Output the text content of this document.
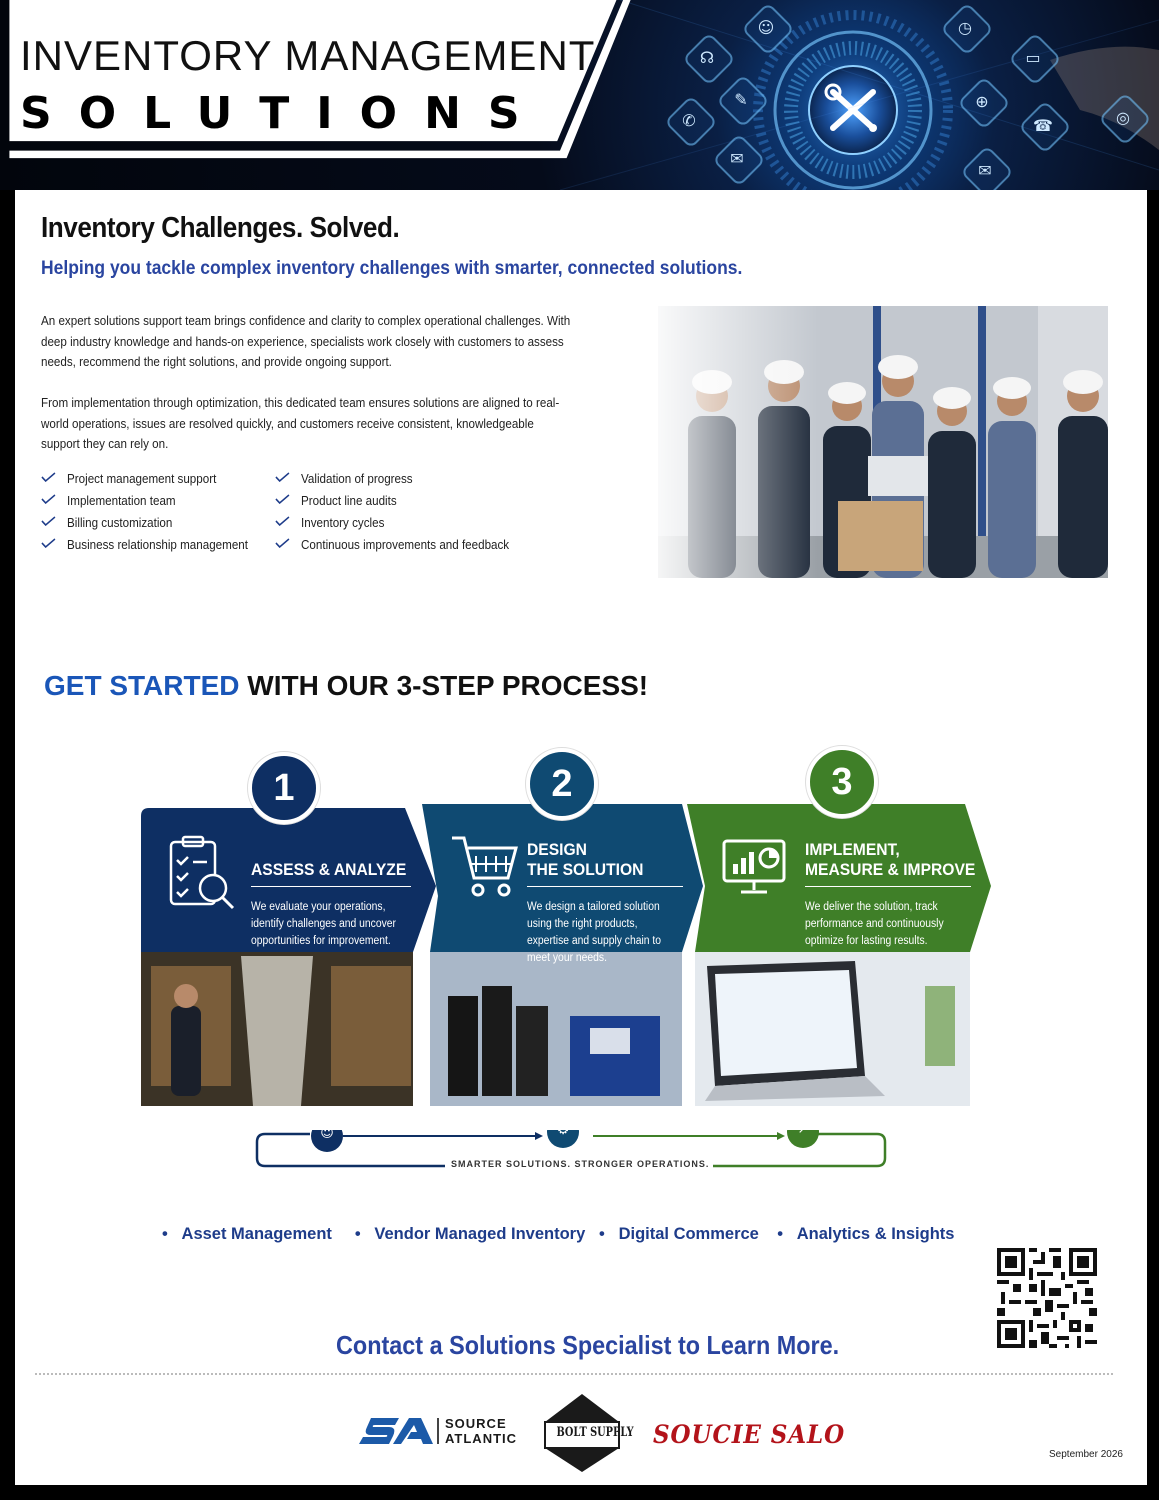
✆
☊
✉
✎
☺	◷
⊕
☎
✉
▭
◎
INVENTORY MANAGEMENT
SOLUTIONS
Inventory Challenges. Solved.
Helping you tackle complex inventory challenges with smarter, connected solutions.
An expert solutions support team brings confidence and clarity to complex operational challenges. With deep industry knowledge and hands-on experience, specialists work closely with customers to assess needs, recommend the right solutions, and provide ongoing support.
From implementation through optimization, this dedicated team ensures solutions are aligned to real-world operations, issues are resolved quickly, and customers receive consistent, knowledgeable support they can rely on.
Project management support
Implementation team
Billing customization
Business relationship management
Validation of progress
Product line audits
Inventory cycles
Continuous improvements and feedback
GET STARTED WITH OUR 3-STEP PROCESS!
1
ASSESS & ANALYZE
We evaluate your operations, identify challenges and uncover opportunities for improvement.
2
DESIGN
THE SOLUTION
We design a tailored solution using the right products, expertise and supply chain to meet your needs.
3
IMPLEMENT,
MEASURE & IMPROVE
We deliver the solution, track performance and continuously optimize for lasting results.
☺	⚙	↗
SMARTER SOLUTIONS. STRONGER OPERATIONS.
•   Asset Management     •   Vendor Managed Inventory   •   Digital Commerce    •   Analytics & Insights
Contact a Solutions Specialist to Learn More.
SOURCE
ATLANTIC	BOLT SUPPLY SOUCIE SALO
September 2026
